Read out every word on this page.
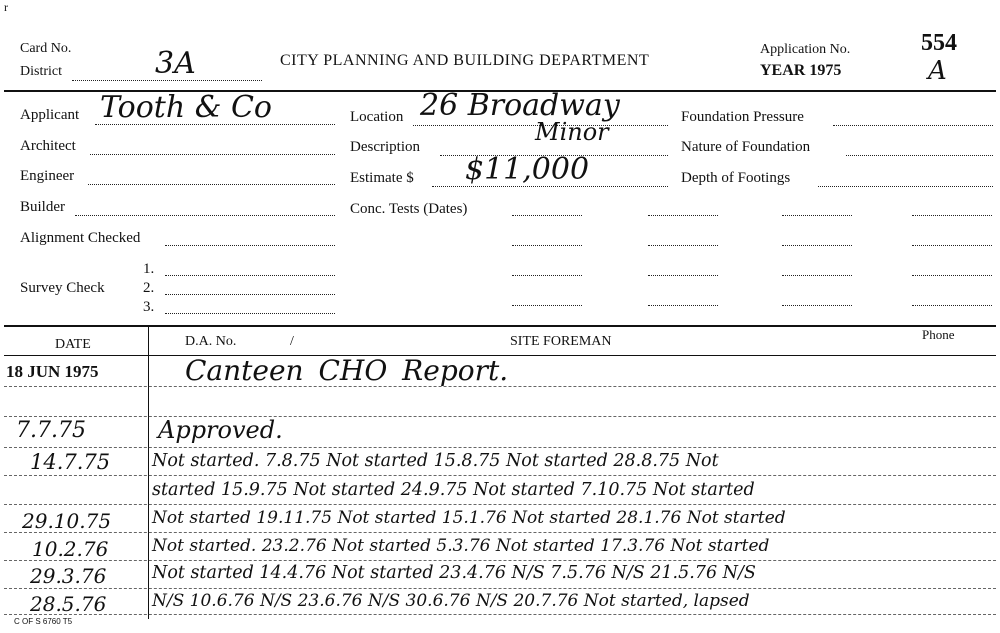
r
Card No.
District	3A	CITY PLANNING AND BUILDING DEPARTMENT
Application No.
YEAR 1975
554
A
Applicant Tooth & Co
Architect
Engineer
Builder
Alignment Checked
Survey Check
1.
2.
3.
Location 26 Broadway
Description
Minor
Estimate $ $11,000
Conc. Tests (Dates)
Foundation Pressure
Nature of Foundation
Depth of Footings
DATE	D.A. No.	/	SITE FOREMAN	Phone
18 JUN 1975	Canteen CHO Report.
7.7.75	Approved.
14.7.75 Not started. 7.8.75 Not started 15.8.75 Not started 28.8.75 Not
started 15.9.75 Not started 24.9.75 Not started 7.10.75 Not started
29.10.75 Not started 19.11.75 Not started 15.1.76 Not started 28.1.76 Not started
10.2.76	Not started. 23.2.76 Not started 5.3.76 Not started 17.3.76 Not started
29.3.76	Not started 14.4.76 Not started 23.4.76 N/S 7.5.76 N/S 21.5.76 N/S
28.5.76	N/S 10.6.76 N/S 23.6.76 N/S 30.6.76 N/S 20.7.76 Not started, lapsed
C OF S 6760 T5
